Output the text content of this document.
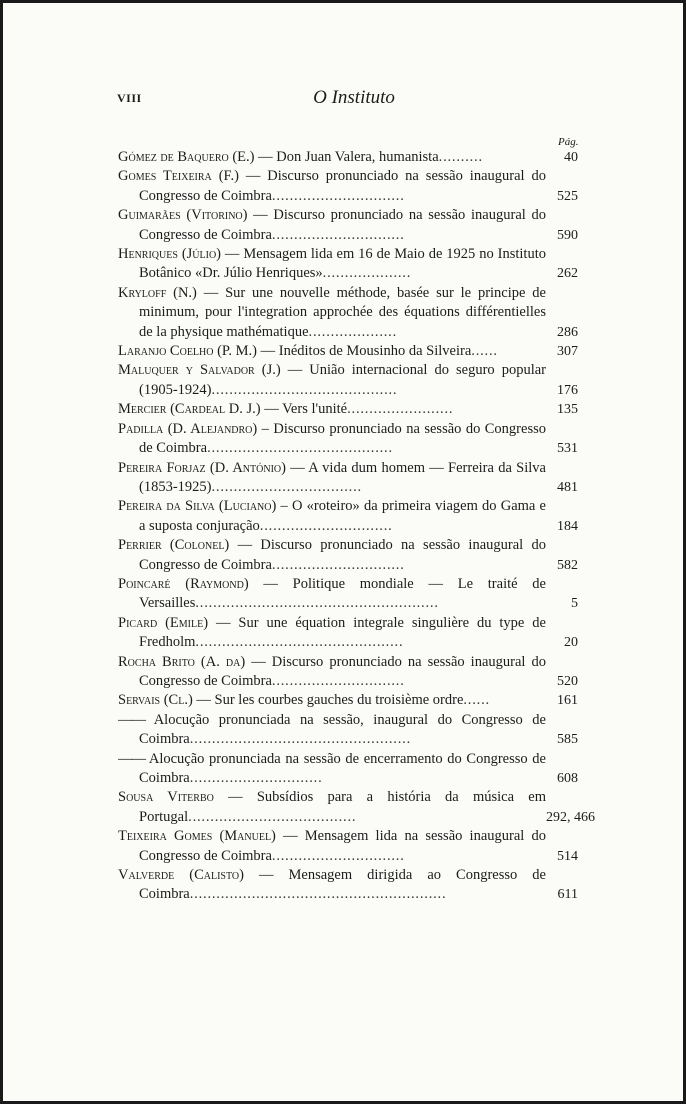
VIII	O Instituto
Pág.
Gómez de Baquero (E.) — Don Juan Valera, humanista..........	40
Gomes Teixeira (F.) — Discurso pronunciado na sessão inaugural do Congresso de Coimbra..............................	525
Guimarães (Vitorino) — Discurso pronunciado na sessão inaugural do Congresso de Coimbra..............................	590
Henriques (Júlio) — Mensagem lida em 16 de Maio de 1925 no Instituto Botânico «Dr. Júlio Henriques»....................	262
Kryloff (N.) — Sur une nouvelle méthode, basée sur le principe de minimum, pour l'integration approchée des équations différentielles de la physique mathématique....................	286
Laranjo Coelho (P. M.) — Inéditos de Mousinho da Silveira......	307
Maluquer y Salvador (J.) — União internacional do seguro popular (1905-1924)..........................................	176
Mercier (Cardeal D. J.) — Vers l'unité........................	135
Padilla (D. Alejandro) – Discurso pronunciado na sessão do Congresso de Coimbra..........................................	531
Pereira Forjaz (D. António) — A vida dum homem — Ferreira da Silva (1853-1925)..................................	481
Pereira da Silva (Luciano) – O «roteiro» da primeira viagem do Gama e a suposta conjuração..............................	184
Perrier (Colonel) — Discurso pronunciado na sessão inaugural do Congresso de Coimbra..............................	582
Poincaré (Raymond) — Politique mondiale — Le traité de Versailles.......................................................	5
Picard (Emile) — Sur une équation integrale singulière du type de Fredholm...............................................	20
Rocha Brito (A. da) — Discurso pronunciado na sessão inaugural do Congresso de Coimbra..............................	520
Servais (Cl.) — Sur les courbes gauches du troisième ordre......	161
—— Alocução pronunciada na sessão, inaugural do Congresso de Coimbra..................................................	585
—— Alocução pronunciada na sessão de encerramento do Congresso de Coimbra..............................	608
Sousa Viterbo — Subsídios para a história da música em Portugal......................................	292, 466
Teixeira Gomes (Manuel) — Mensagem lida na sessão inaugural do Congresso de Coimbra..............................	514
Valverde (Calisto) — Mensagem dirigida ao Congresso de Coimbra..........................................................	611
